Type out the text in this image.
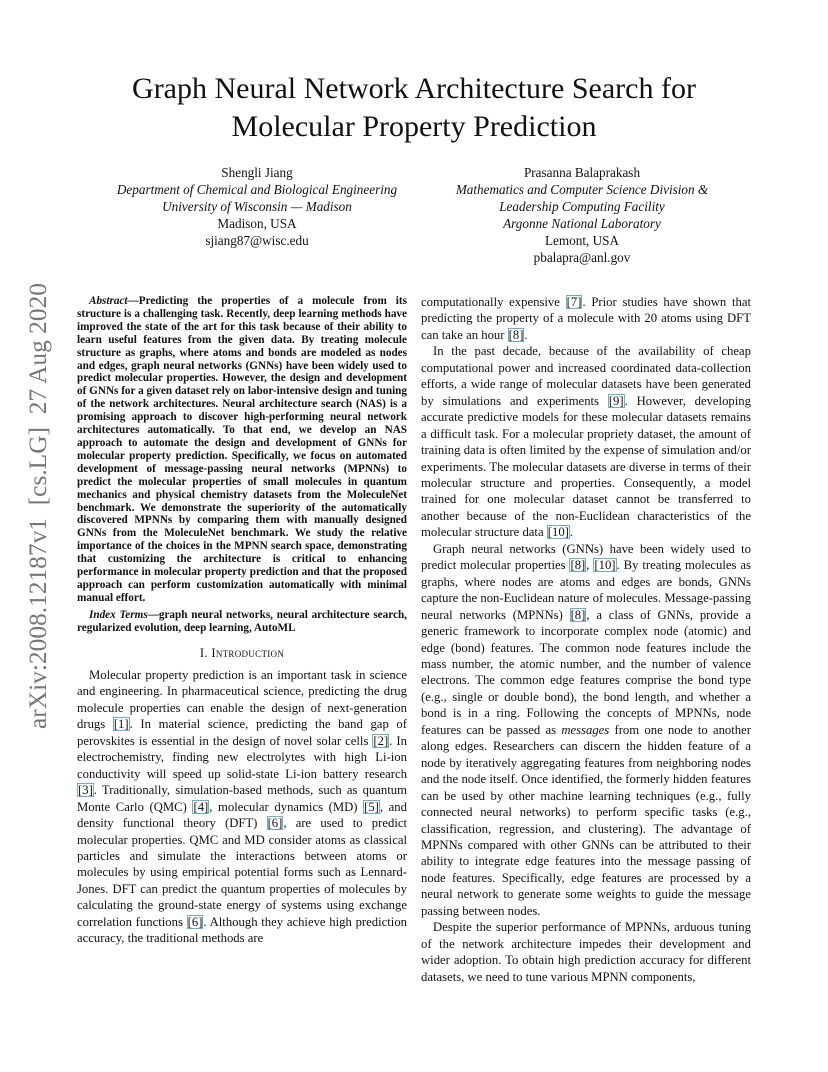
Graph Neural Network Architecture Search for
Molecular Property Prediction
Shengli Jiang
Department of Chemical and Biological Engineering
University of Wisconsin — Madison
Madison, USA
sjiang87@wisc.edu
Prasanna Balaprakash
Mathematics and Computer Science Division &
Leadership Computing Facility
Argonne National Laboratory
Lemont, USA
pbalapra@anl.gov
arXiv:2008.12187v1  [cs.LG]  27 Aug 2020	Abstract—Predicting the properties of a molecule from its structure is a challenging task. Recently, deep learning methods have improved the state of the art for this task because of their ability to learn useful features from the given data. By treating molecule structure as graphs, where atoms and bonds are modeled as nodes and edges, graph neural networks (GNNs) have been widely used to predict molecular properties. However, the design and development of GNNs for a given dataset rely on labor-intensive design and tuning of the network architectures. Neural architecture search (NAS) is a promising approach to discover high-performing neural network architectures automatically. To that end, we develop an NAS approach to automate the design and development of GNNs for molecular property prediction. Specifically, we focus on automated development of message-passing neural networks (MPNNs) to predict the molecular properties of small molecules in quantum mechanics and physical chemistry datasets from the MoleculeNet benchmark. We demonstrate the superiority of the automatically discovered MPNNs by comparing them with manually designed GNNs from the MoleculeNet benchmark. We study the relative importance of the choices in the MPNN search space, demonstrating that customizing the architecture is critical to enhancing performance in molecular property prediction and that the proposed approach can perform customization automatically with minimal manual effort.

Index Terms—graph neural networks, neural architecture search, regularized evolution, deep learning, AutoML

I. Introduction

Molecular property prediction is an important task in science and engineering. In pharmaceutical science, predicting the drug molecule properties can enable the design of next-generation drugs [1]. In material science, predicting the band gap of perovskites is essential in the design of novel solar cells [2]. In electrochemistry, finding new electrolytes with high Li-ion conductivity will speed up solid-state Li-ion battery research [3]. Traditionally, simulation-based methods, such as quantum Monte Carlo (QMC) [4], molecular dynamics (MD) [5], and density functional theory (DFT) [6], are used to predict molecular properties. QMC and MD consider atoms as classical particles and simulate the interactions between atoms or molecules by using empirical potential forms such as Lennard-Jones. DFT can predict the quantum properties of molecules by calculating the ground-state energy of systems using exchange correlation functions [6]. Although they achieve high prediction accuracy, the traditional methods are

computationally expensive [7]. Prior studies have shown that predicting the property of a molecule with 20 atoms using DFT can take an hour [8].

In the past decade, because of the availability of cheap computational power and increased coordinated data-collection efforts, a wide range of molecular datasets have been generated by simulations and experiments [9]. However, developing accurate predictive models for these molecular datasets remains a difficult task. For a molecular propriety dataset, the amount of training data is often limited by the expense of simulation and/or experiments. The molecular datasets are diverse in terms of their molecular structure and properties. Consequently, a model trained for one molecular dataset cannot be transferred to another because of the non-Euclidean characteristics of the molecular structure data [10].

Graph neural networks (GNNs) have been widely used to predict molecular properties [8], [10]. By treating molecules as graphs, where nodes are atoms and edges are bonds, GNNs capture the non-Euclidean nature of molecules. Message-passing neural networks (MPNNs) [8], a class of GNNs, provide a generic framework to incorporate complex node (atomic) and edge (bond) features. The common node features include the mass number, the atomic number, and the number of valence electrons. The common edge features comprise the bond type (e.g., single or double bond), the bond length, and whether a bond is in a ring. Following the concepts of MPNNs, node features can be passed as messages from one node to another along edges. Researchers can discern the hidden feature of a node by iteratively aggregating features from neighboring nodes and the node itself. Once identified, the formerly hidden features can be used by other machine learning techniques (e.g., fully connected neural networks) to perform specific tasks (e.g., classification, regression, and clustering). The advantage of MPNNs compared with other GNNs can be attributed to their ability to integrate edge features into the message passing of node features. Specifically, edge features are processed by a neural network to generate some weights to guide the message passing between nodes.

Despite the superior performance of MPNNs, arduous tuning of the network architecture impedes their development and wider adoption. To obtain high prediction accuracy for different datasets, we need to tune various MPNN components,
